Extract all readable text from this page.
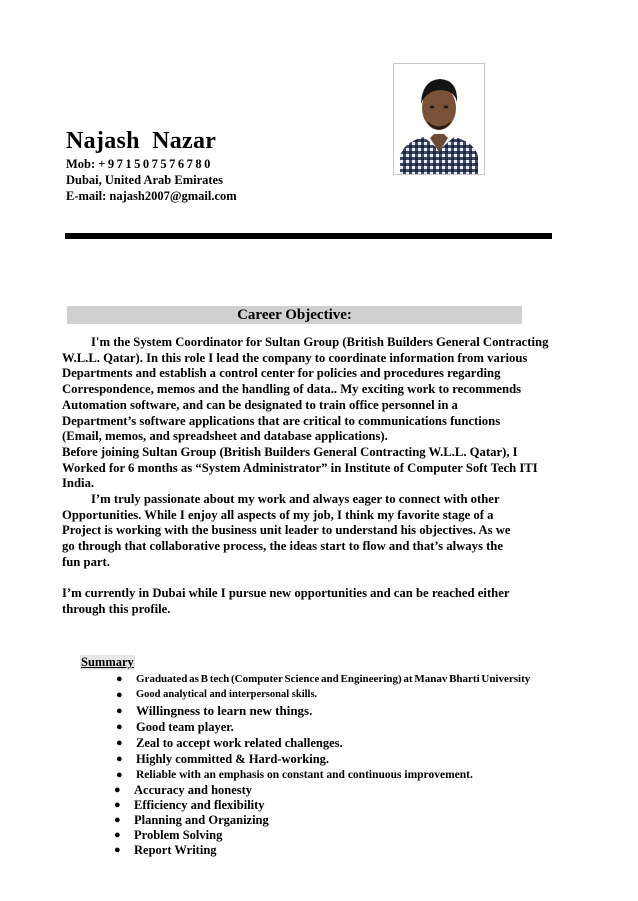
Najash Nazar
Mob: +971507576780
Dubai, United Arab Emirates
E-mail: najash2007@gmail.com
Career Objective:
I'm the System Coordinator for Sultan Group (British Builders General Contracting
W.L.L. Qatar). In this role I lead the company to coordinate information from various
Departments and establish a control center for policies and procedures regarding
Correspondence, memos and the handling of data.. My exciting work to recommends
Automation software, and can be designated to train office personnel in a
Department’s software applications that are critical to communications functions
(Email, memos, and spreadsheet and database applications).
Before joining Sultan Group (British Builders General Contracting W.L.L. Qatar), I
Worked for 6 months as “System Administrator” in Institute of Computer Soft Tech ITI
India.
I’m truly passionate about my work and always eager to connect with other
Opportunities. While I enjoy all aspects of my job, I think my favorite stage of a
Project is working with the business unit leader to understand his objectives. As we
go through that collaborative process, the ideas start to flow and that’s always the
fun part.
I’m currently in Dubai while I pursue new opportunities and can be reached either
through this profile.
Summary
● Graduated as B tech (Computer Science and Engineering) at Manav Bharti University
● Good analytical and interpersonal skills.
● Willingness to learn new things.
● Good team player.
● Zeal to accept work related challenges.
● Highly committed & Hard-working.
● Reliable with an emphasis on constant and continuous improvement.
● Accuracy and honesty
● Efficiency and flexibility
● Planning and Organizing
● Problem Solving
● Report Writing
